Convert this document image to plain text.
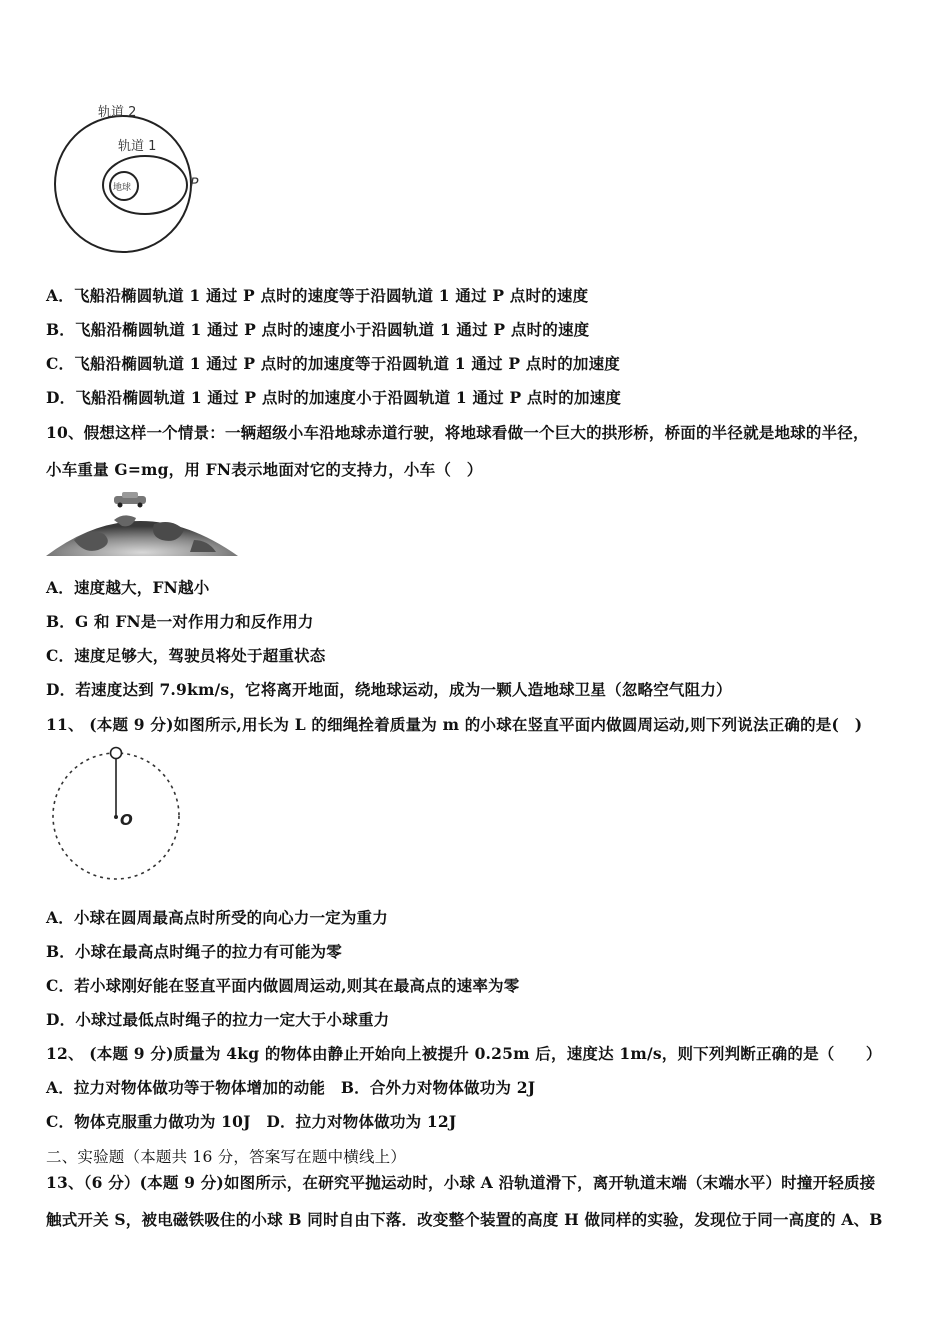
轨道 2
轨道 1
地球	P
A．飞船沿椭圆轨道 1 通过 P 点时的速度等于沿圆轨道 1 通过 P 点时的速度
B．飞船沿椭圆轨道 1 通过 P 点时的速度小于沿圆轨道 1 通过 P 点时的速度
C．飞船沿椭圆轨道 1 通过 P 点时的加速度等于沿圆轨道 1 通过 P 点时的加速度
D．飞船沿椭圆轨道 1 通过 P 点时的加速度小于沿圆轨道 1 通过 P 点时的加速度
10、假想这样一个情景：一辆超级小车沿地球赤道行驶，将地球看做一个巨大的拱形桥，桥面的半径就是地球的半径，
小车重量 G=mg，用 FN表示地面对它的支持力，小车（　）
A．速度越大，FN越小
B．G 和 FN是一对作用力和反作用力
C．速度足够大，驾驶员将处于超重状态
D．若速度达到 7.9km/s，它将离开地面，绕地球运动，成为一颗人造地球卫星（忽略空气阻力）
11、 (本题 9 分)如图所示,用长为 L 的细绳拴着质量为 m 的小球在竖直平面内做圆周运动,则下列说法正确的是(　)
O
A．小球在圆周最高点时所受的向心力一定为重力
B．小球在最高点时绳子的拉力有可能为零
C．若小球刚好能在竖直平面内做圆周运动,则其在最高点的速率为零
D．小球过最低点时绳子的拉力一定大于小球重力
12、 (本题 9 分)质量为 4kg 的物体由静止开始向上被提升 0.25m 后，速度达 1m/s，则下列判断正确的是（　　）
A．拉力对物体做功等于物体增加的动能　B．合外力对物体做功为 2J
C．物体克服重力做功为 10J　D．拉力对物体做功为 12J
二、实验题（本题共 16 分，答案写在题中横线上）
13、（6 分）(本题 9 分)如图所示，在研究平抛运动时，小球 A 沿轨道滑下，离开轨道末端（末端水平）时撞开轻质接
触式开关 S，被电磁铁吸住的小球 B 同时自由下落．改变整个装置的高度 H 做同样的实验，发现位于同一高度的 A、B
